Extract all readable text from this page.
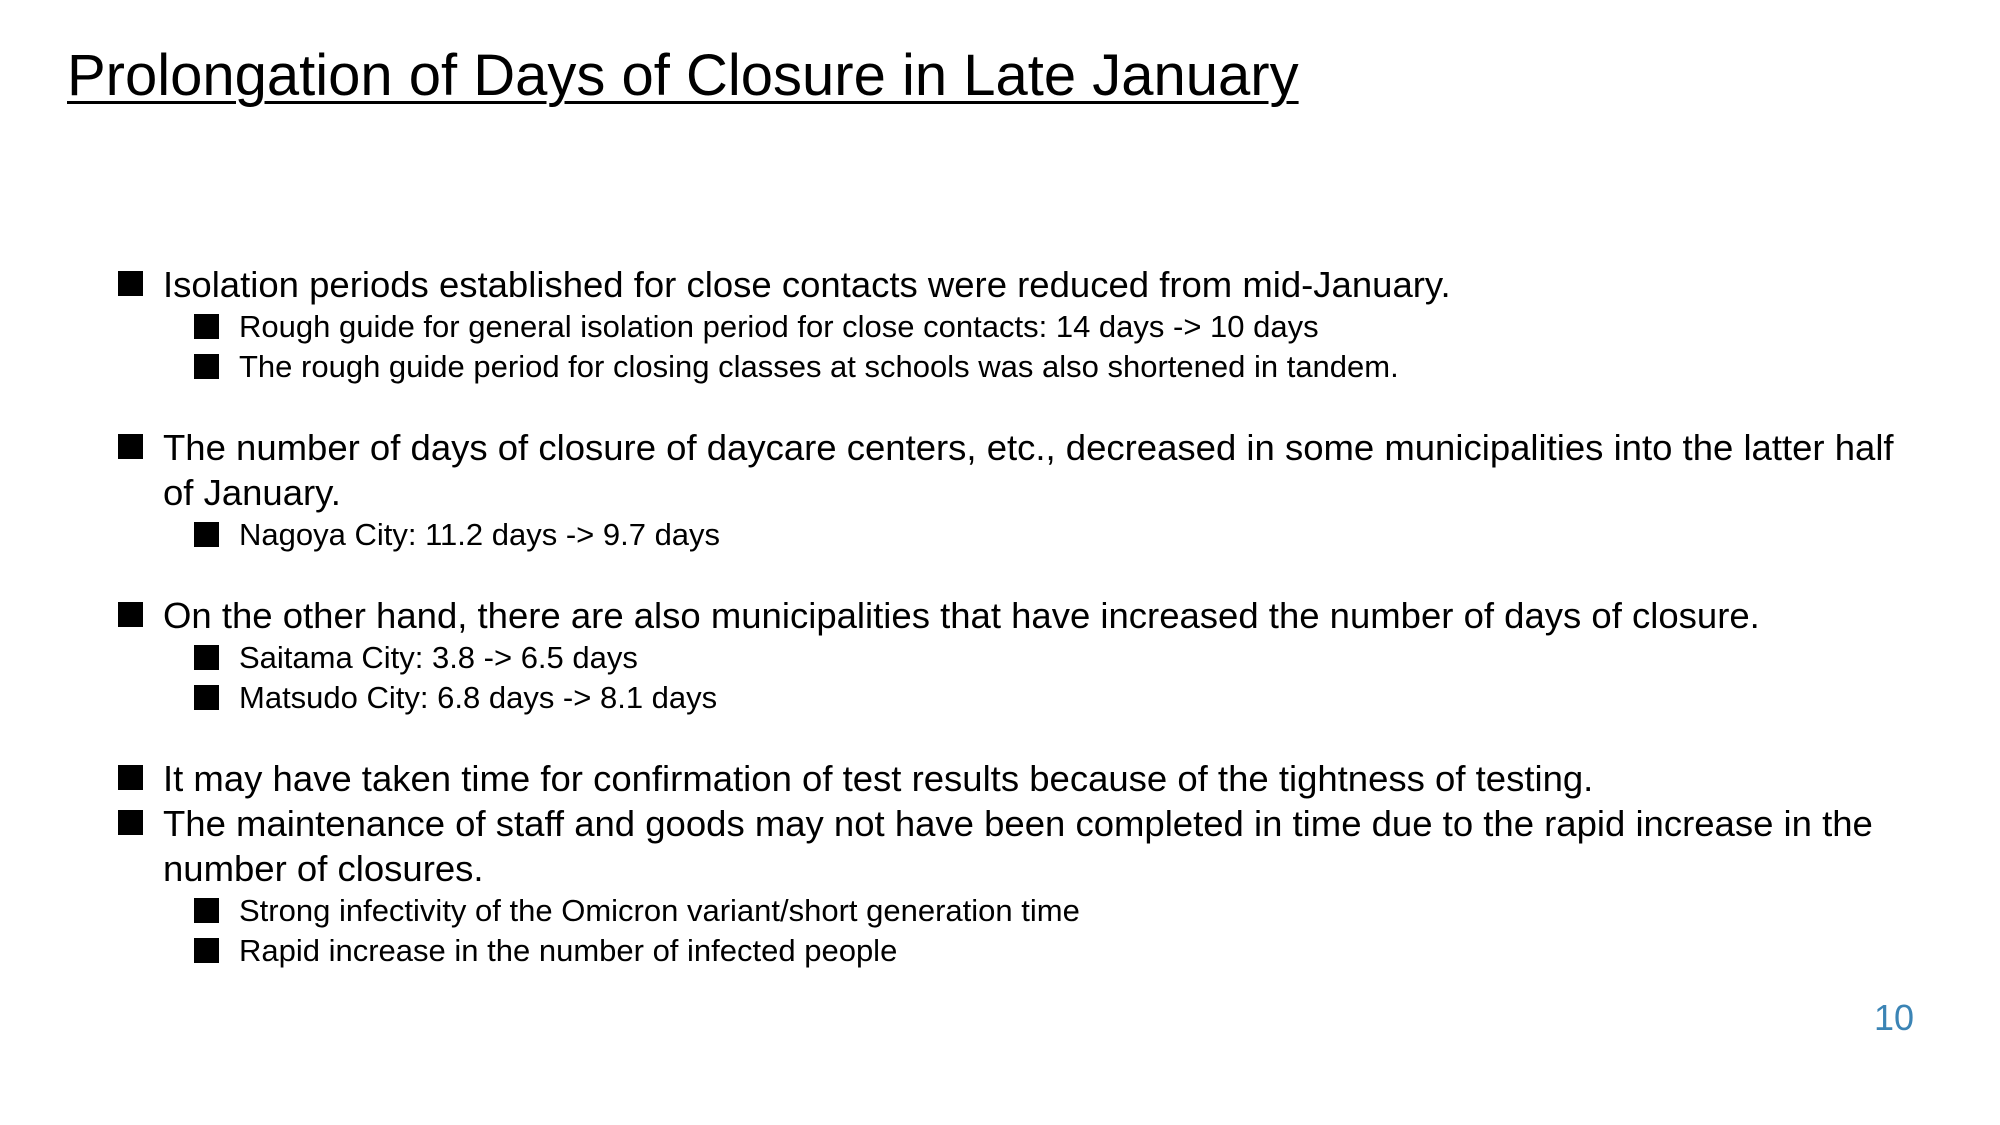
Prolongation of Days of Closure in Late January
Isolation periods established for close contacts were reduced from mid-January.
Rough guide for general isolation period for close contacts: 14 days -> 10 days
The rough guide period for closing classes at schools was also shortened in tandem.
The number of days of closure of daycare centers, etc., decreased in some municipalities into the latter half of January.
Nagoya City: 11.2 days -> 9.7 days
On the other hand, there are also municipalities that have increased the number of days of closure.
Saitama City: 3.8 -> 6.5 days
Matsudo City: 6.8 days -> 8.1 days
It may have taken time for confirmation of test results because of the tightness of testing.
The maintenance of staff and goods may not have been completed in time due to the rapid increase in the number of closures.
Strong infectivity of the Omicron variant/short generation time
Rapid increase in the number of infected people
10
